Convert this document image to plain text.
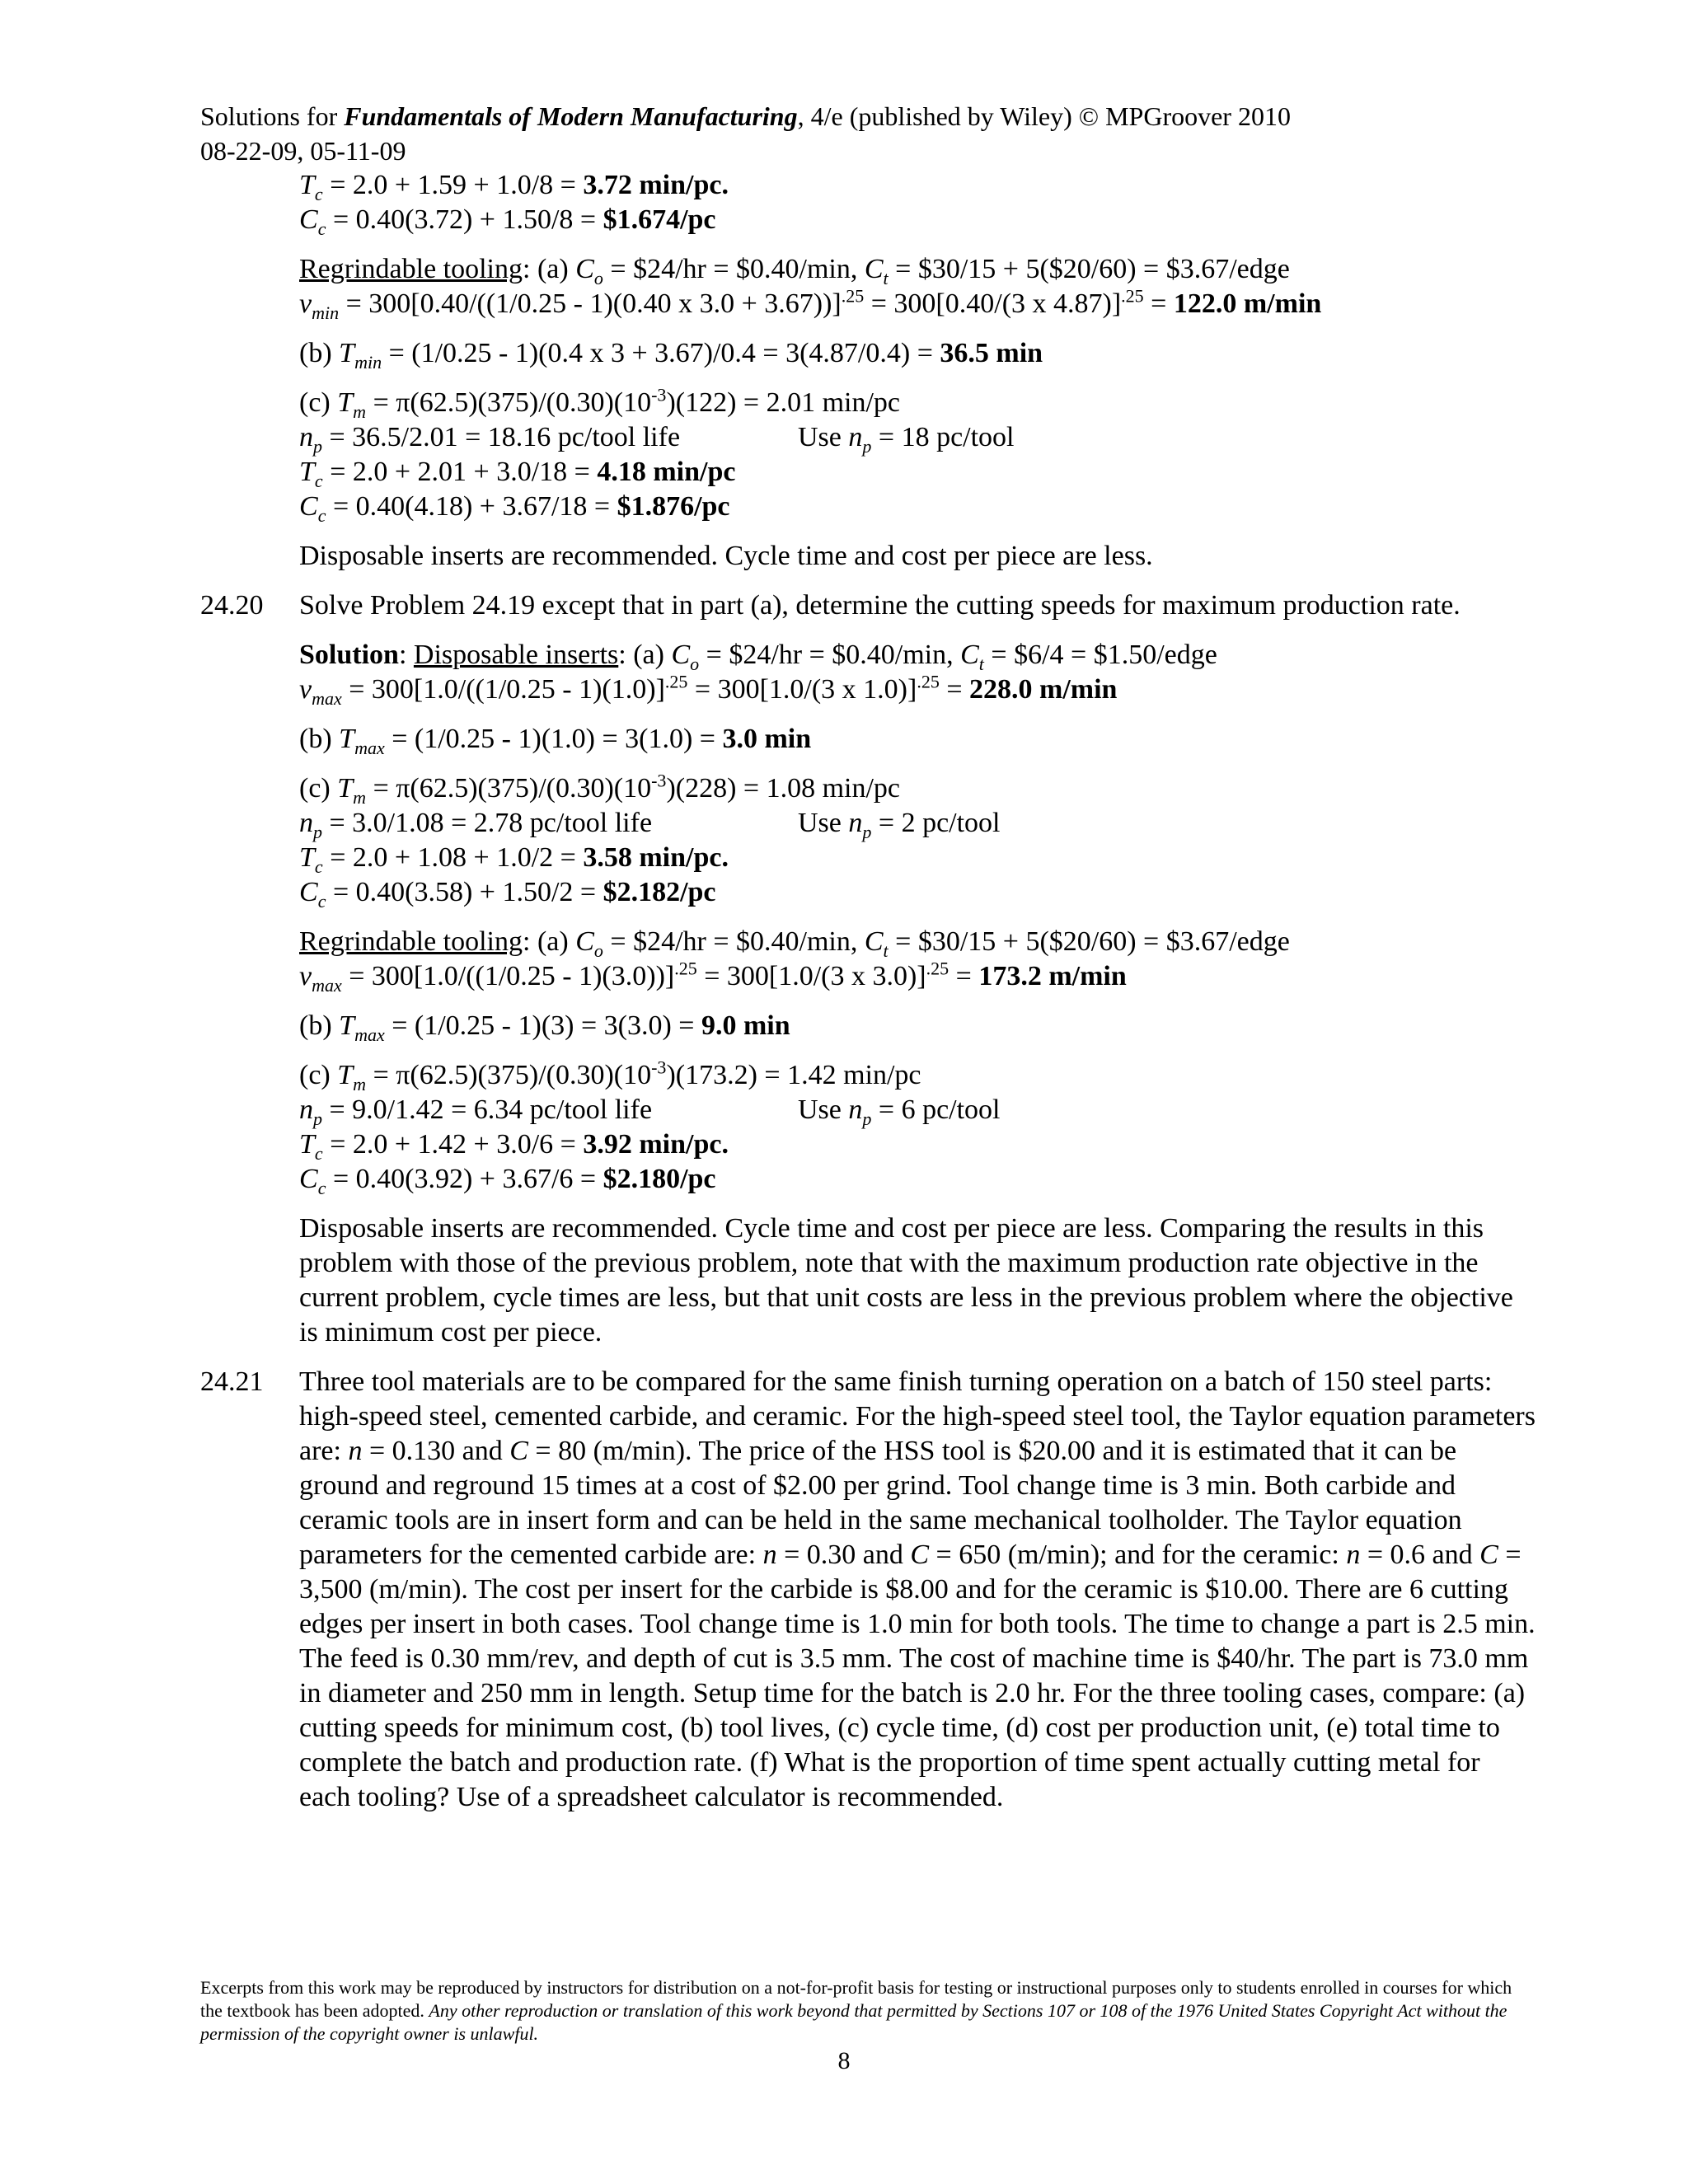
Solutions for Fundamentals of Modern Manufacturing, 4/e (published by Wiley) © MPGroover 2010
08-22-09, 05-11-09
$T_c = 2.0 + 1.59 + 1.0/8 = 3.72$ min/pc.
$C_c = 0.40(3.72) + 1.50/8$ = $1.674/pc
Regrindable tooling: (a) $C_o$ = $24/hr = $0.40/min, $C_t$ = $30/15 + 5($20/60) = $3.67/edge
$v_{min} = 300[0.40/((1/0.25 - 1)(0.40$ x 3.0 + 3.67))]$^{.25}$ = 300[0.40/(3 x 4.87)]$^{.25}$ = 122.0 m/min
(b) $T_{min} = (1/0.25 - 1)(0.4$ x 3 + 3.67)/0.4 = 3(4.87/0.4) = 36.5 min
(c) $T_m = \pi(62.5)(375)/(0.30)(10^{-3})(122) = 2.01$ min/pc
$n_p = 36.5/2.01 = 18.16$ pc/tool life	Use $n_p = 18$ pc/tool
$T_c = 2.0 + 2.01 + 3.0/18 = 4.18$ min/pc
$C_c = 0.40(4.18) + 3.67/18$ = $1.876/pc
Disposable inserts are recommended. Cycle time and cost per piece are less.
24.20	Solve Problem 24.19 except that in part (a), determine the cutting speeds for maximum production rate.
Solution: Disposable inserts: (a) $C_o$ = $24/hr = $0.40/min, $C_t$ = $6/4 = $1.50/edge
$v_{max} = 300[1.0/((1/0.25 - 1)(1.0)]^{.25} = 300[1.0/(3$ x 1.0)]$^{.25}$ = 228.0 m/min
(b) $T_{max} = (1/0.25 - 1)(1.0) = 3(1.0) = 3.0$ min
(c) $T_m = \pi(62.5)(375)/(0.30)(10^{-3})(228) = 1.08$ min/pc
$n_p = 3.0/1.08 = 2.78$ pc/tool life	Use $n_p = 2$ pc/tool
$T_c = 2.0 + 1.08 + 1.0/2 = 3.58$ min/pc.
$C_c = 0.40(3.58) + 1.50/2$ = $2.182/pc
Regrindable tooling: (a) $C_o$ = $24/hr = $0.40/min, $C_t$ = $30/15 + 5($20/60) = $3.67/edge
$v_{max} = 300[1.0/((1/0.25 - 1)(3.0))]^{.25} = 300[1.0/(3$ x 3.0)]$^{.25}$ = 173.2 m/min
(b) $T_{max} = (1/0.25 - 1)(3) = 3(3.0) = 9.0$ min
(c) $T_m = \pi(62.5)(375)/(0.30)(10^{-3})(173.2) = 1.42$ min/pc
$n_p = 9.0/1.42 = 6.34$ pc/tool life	Use $n_p = 6$ pc/tool
$T_c = 2.0 + 1.42 + 3.0/6 = 3.92$ min/pc.
$C_c = 0.40(3.92) + 3.67/6$ = $2.180/pc
Disposable inserts are recommended. Cycle time and cost per piece are less. Comparing the results in this problem with those of the previous problem, note that with the maximum production rate objective in the current problem, cycle times are less, but that unit costs are less in the previous problem where the objective is minimum cost per piece.
24.21	Three tool materials are to be compared for the same finish turning operation on a batch of 150 steel parts: high-speed steel, cemented carbide, and ceramic. For the high-speed steel tool, the Taylor equation parameters are: n = 0.130 and C = 80 (m/min). The price of the HSS tool is $20.00 and it is estimated that it can be ground and reground 15 times at a cost of $2.00 per grind. Tool change time is 3 min. Both carbide and ceramic tools are in insert form and can be held in the same mechanical toolholder. The Taylor equation parameters for the cemented carbide are: n = 0.30 and C = 650 (m/min); and for the ceramic: n = 0.6 and C = 3,500 (m/min). The cost per insert for the carbide is $8.00 and for the ceramic is $10.00. There are 6 cutting edges per insert in both cases. Tool change time is 1.0 min for both tools. The time to change a part is 2.5 min. The feed is 0.30 mm/rev, and depth of cut is 3.5 mm. The cost of machine time is $40/hr. The part is 73.0 mm in diameter and 250 mm in length. Setup time for the batch is 2.0 hr. For the three tooling cases, compare: (a) cutting speeds for minimum cost, (b) tool lives, (c) cycle time, (d) cost per production unit, (e) total time to complete the batch and production rate. (f) What is the proportion of time spent actually cutting metal for each tooling? Use of a spreadsheet calculator is recommended.
Excerpts from this work may be reproduced by instructors for distribution on a not-for-profit basis for testing or instructional purposes only to students enrolled in courses for which the textbook has been adopted. Any other reproduction or translation of this work beyond that permitted by Sections 107 or 108 of the 1976 United States Copyright Act without the permission of the copyright owner is unlawful.
8
